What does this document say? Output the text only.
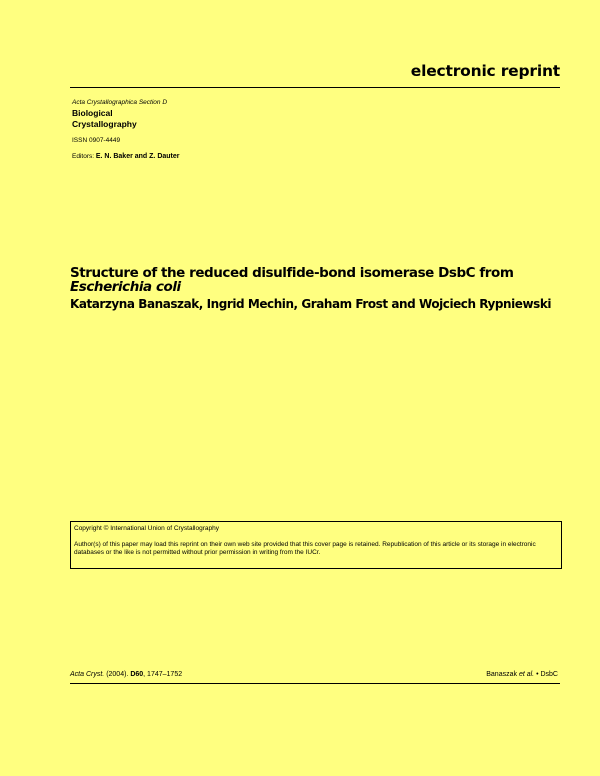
electronic reprint
Acta Crystallographica Section D
Biological
Crystallography
ISSN 0907-4449
Editors: E. N. Baker and Z. Dauter
Structure of the reduced disulfide-bond isomerase DsbC from
Escherichia coli
Katarzyna Banaszak, Ingrid Mechin, Graham Frost and Wojciech Rypniewski
Copyright © International Union of Crystallography
Author(s) of this paper may load this reprint on their own web site provided that this cover page is retained. Republication of this article or its storage in electronic databases or the like is not permitted without prior permission in writing from the IUCr.
Acta Cryst. (2004). D60, 1747–1752	Banaszak et al. • DsbC
